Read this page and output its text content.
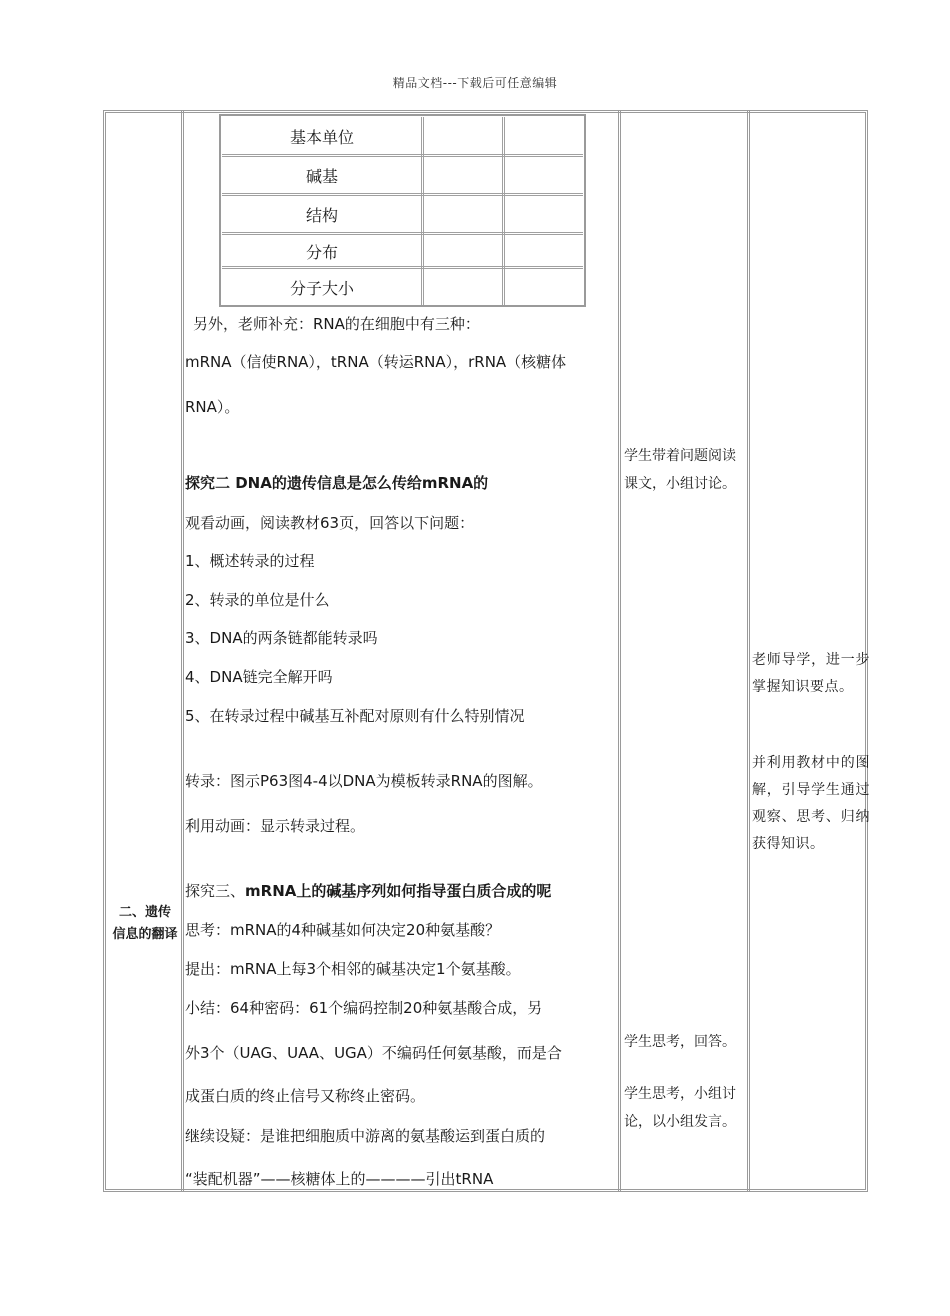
精品文档---下载后可任意编辑
二、遗传
信息的翻译
基本单位
碱基
结构
分布
分子大小
另外，老师补充：RNA的在细胞中有三种：
mRNA（信使RNA），tRNA（转运RNA），rRNA（核糖体
RNA）。
探究二 DNA的遗传信息是怎么传给mRNA的
观看动画，阅读教材63页，回答以下问题：
1、概述转录的过程
2、转录的单位是什么
3、DNA的两条链都能转录吗
4、DNA链完全解开吗
5、在转录过程中碱基互补配对原则有什么特别情况
转录：图示P63图4-4以DNA为模板转录RNA的图解。
利用动画：显示转录过程。
探究三、mRNA上的碱基序列如何指导蛋白质合成的呢
思考：mRNA的4种碱基如何决定20种氨基酸？
提出：mRNA上每3个相邻的碱基决定1个氨基酸。
小结：64种密码：61个编码控制20种氨基酸合成，另
外3个（UAG、UAA、UGA）不编码任何氨基酸，而是合
成蛋白质的终止信号又称终止密码。
继续设疑：是谁把细胞质中游离的氨基酸运到蛋白质的
“装配机器”——核糖体上的————引出tRNA
学生带着问题阅读
课文，小组讨论。
学生思考，回答。
学生思考，小组讨
论，以小组发言。
老师导学，进一步掌握知识要点。
并利用教材中的图解，引导学生通过观察、思考、归纳获得知识。
